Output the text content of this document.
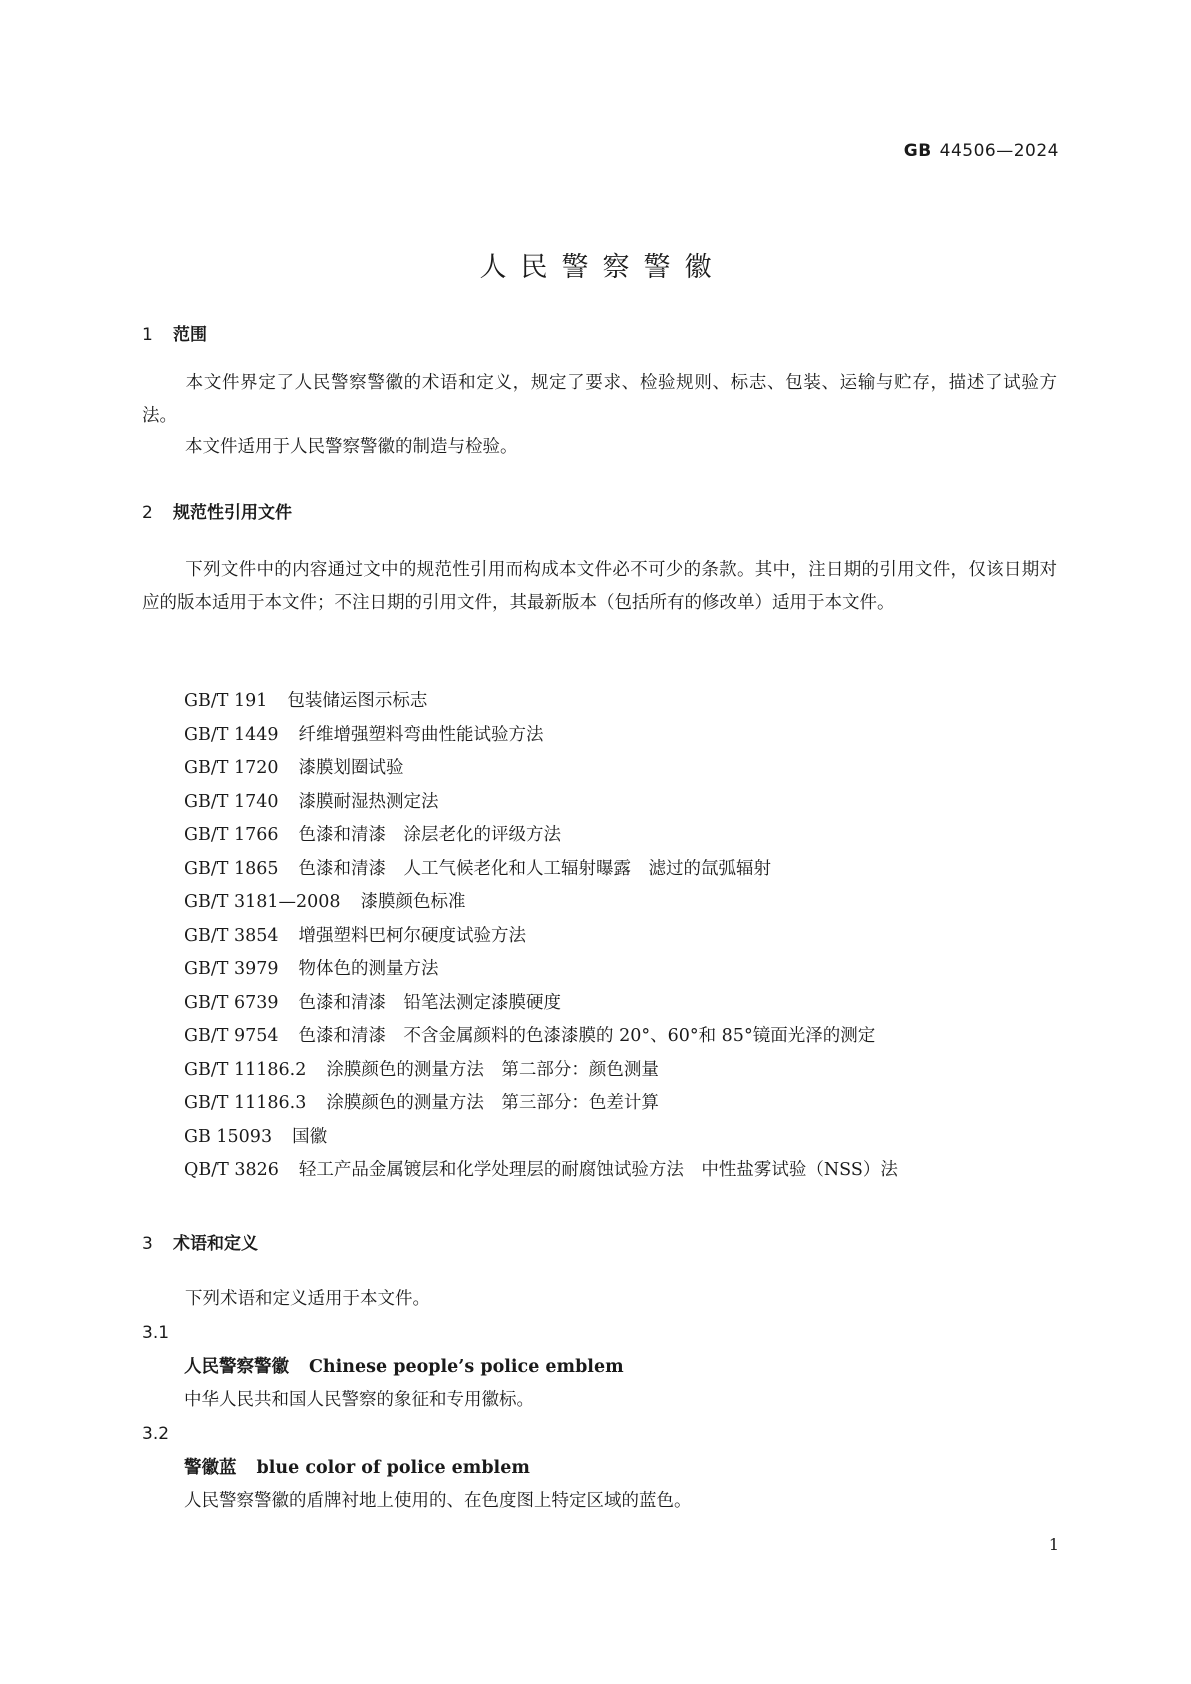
GB 44506—2024
人民警察警徽
1 范围
本文件界定了人民警察警徽的术语和定义，规定了要求、检验规则、标志、包装、运输与贮存，描述了试验方法。
本文件适用于人民警察警徽的制造与检验。
2 规范性引用文件
下列文件中的内容通过文中的规范性引用而构成本文件必不可少的条款。其中，注日期的引用文件，仅该日期对应的版本适用于本文件；不注日期的引用文件，其最新版本（包括所有的修改单）适用于本文件。
GB/T 191 包装储运图示标志
GB/T 1449 纤维增强塑料弯曲性能试验方法
GB/T 1720 漆膜划圈试验
GB/T 1740 漆膜耐湿热测定法
GB/T 1766 色漆和清漆　涂层老化的评级方法
GB/T 1865 色漆和清漆　人工气候老化和人工辐射曝露　滤过的氙弧辐射
GB/T 3181—2008 漆膜颜色标准
GB/T 3854 增强塑料巴柯尔硬度试验方法
GB/T 3979 物体色的测量方法
GB/T 6739 色漆和清漆　铅笔法测定漆膜硬度
GB/T 9754 色漆和清漆　不含金属颜料的色漆漆膜的 20°、60°和 85°镜面光泽的测定
GB/T 11186.2 涂膜颜色的测量方法　第二部分：颜色测量
GB/T 11186.3 涂膜颜色的测量方法　第三部分：色差计算
GB 15093 国徽
QB/T 3826 轻工产品金属镀层和化学处理层的耐腐蚀试验方法　中性盐雾试验（NSS）法
3 术语和定义
下列术语和定义适用于本文件。
3.1
人民警察警徽 Chinese people’s police emblem
中华人民共和国人民警察的象征和专用徽标。
3.2
警徽蓝 blue color of police emblem
人民警察警徽的盾牌衬地上使用的、在色度图上特定区域的蓝色。
1
